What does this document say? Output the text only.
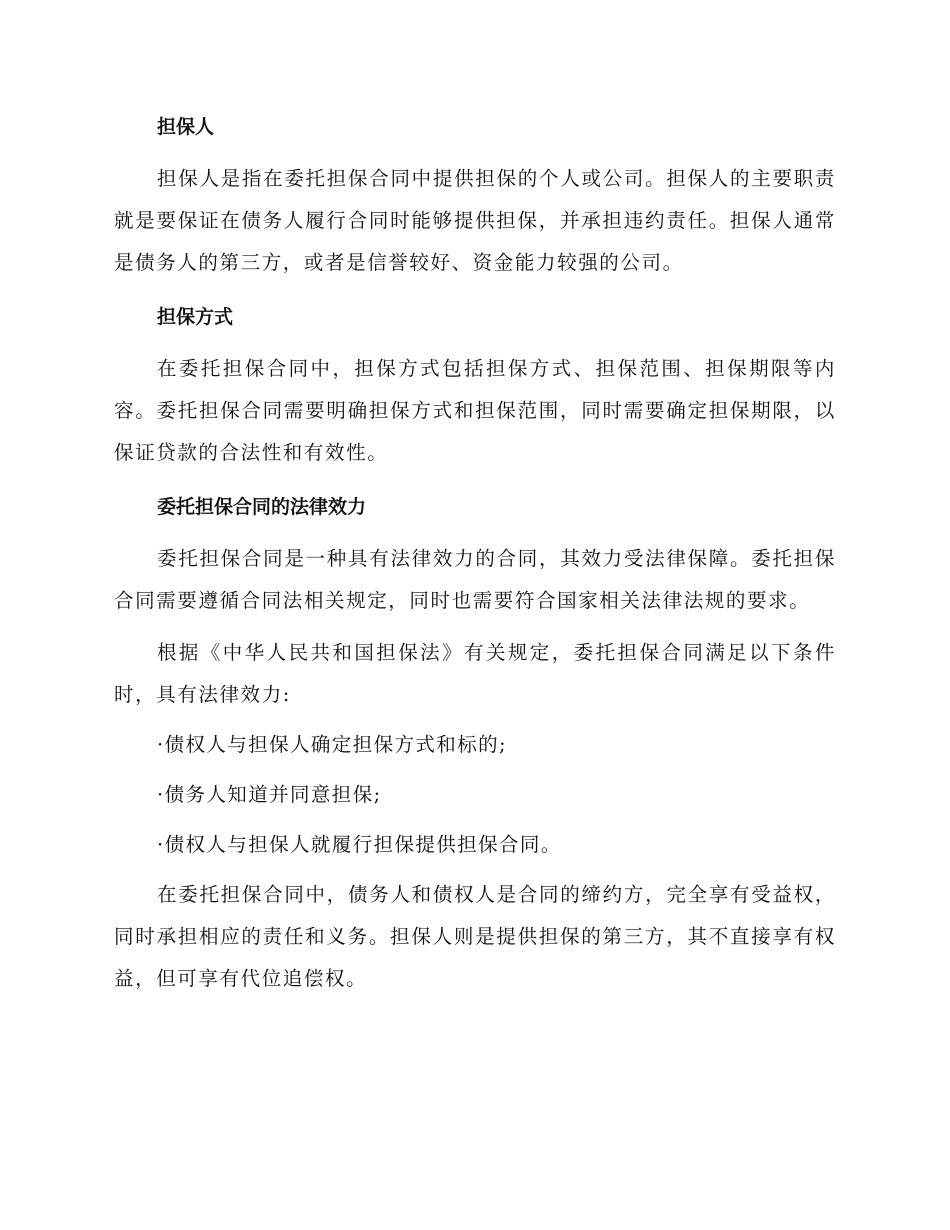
担保人

担保人是指在委托担保合同中提供担保的个人或公司。担保人的主要职责就是要保证在债务人履行合同时能够提供担保，并承担违约责任。担保人通常是债务人的第三方，或者是信誉较好、资金能力较强的公司。

担保方式

在委托担保合同中，担保方式包括担保方式、担保范围、担保期限等内容。委托担保合同需要明确担保方式和担保范围，同时需要确定担保期限，以保证贷款的合法性和有效性。

委托担保合同的法律效力

委托担保合同是一种具有法律效力的合同，其效力受法律保障。委托担保合同需要遵循合同法相关规定，同时也需要符合国家相关法律法规的要求。

根据《中华人民共和国担保法》有关规定，委托担保合同满足以下条件时，具有法律效力:

·债权人与担保人确定担保方式和标的;

·债务人知道并同意担保;

·债权人与担保人就履行担保提供担保合同。

在委托担保合同中，债务人和债权人是合同的缔约方，完全享有受益权，同时承担相应的责任和义务。担保人则是提供担保的第三方，其不直接享有权益，但可享有代位追偿权。
